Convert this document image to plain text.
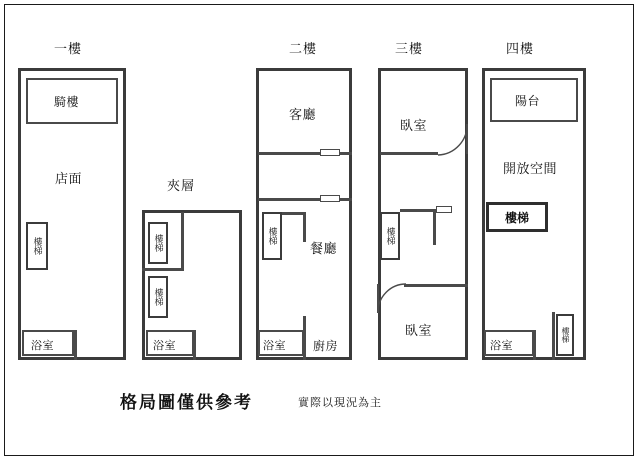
一樓
騎樓
店面
樓梯
浴室
夾層
樓梯
樓梯
浴室
二樓
客廳
樓梯
餐廳
浴室 廚房
三樓
臥室
樓梯
臥室
四樓
陽台
開放空間
樓梯
樓梯
浴室
格局圖僅供參考	實際以現況為主
